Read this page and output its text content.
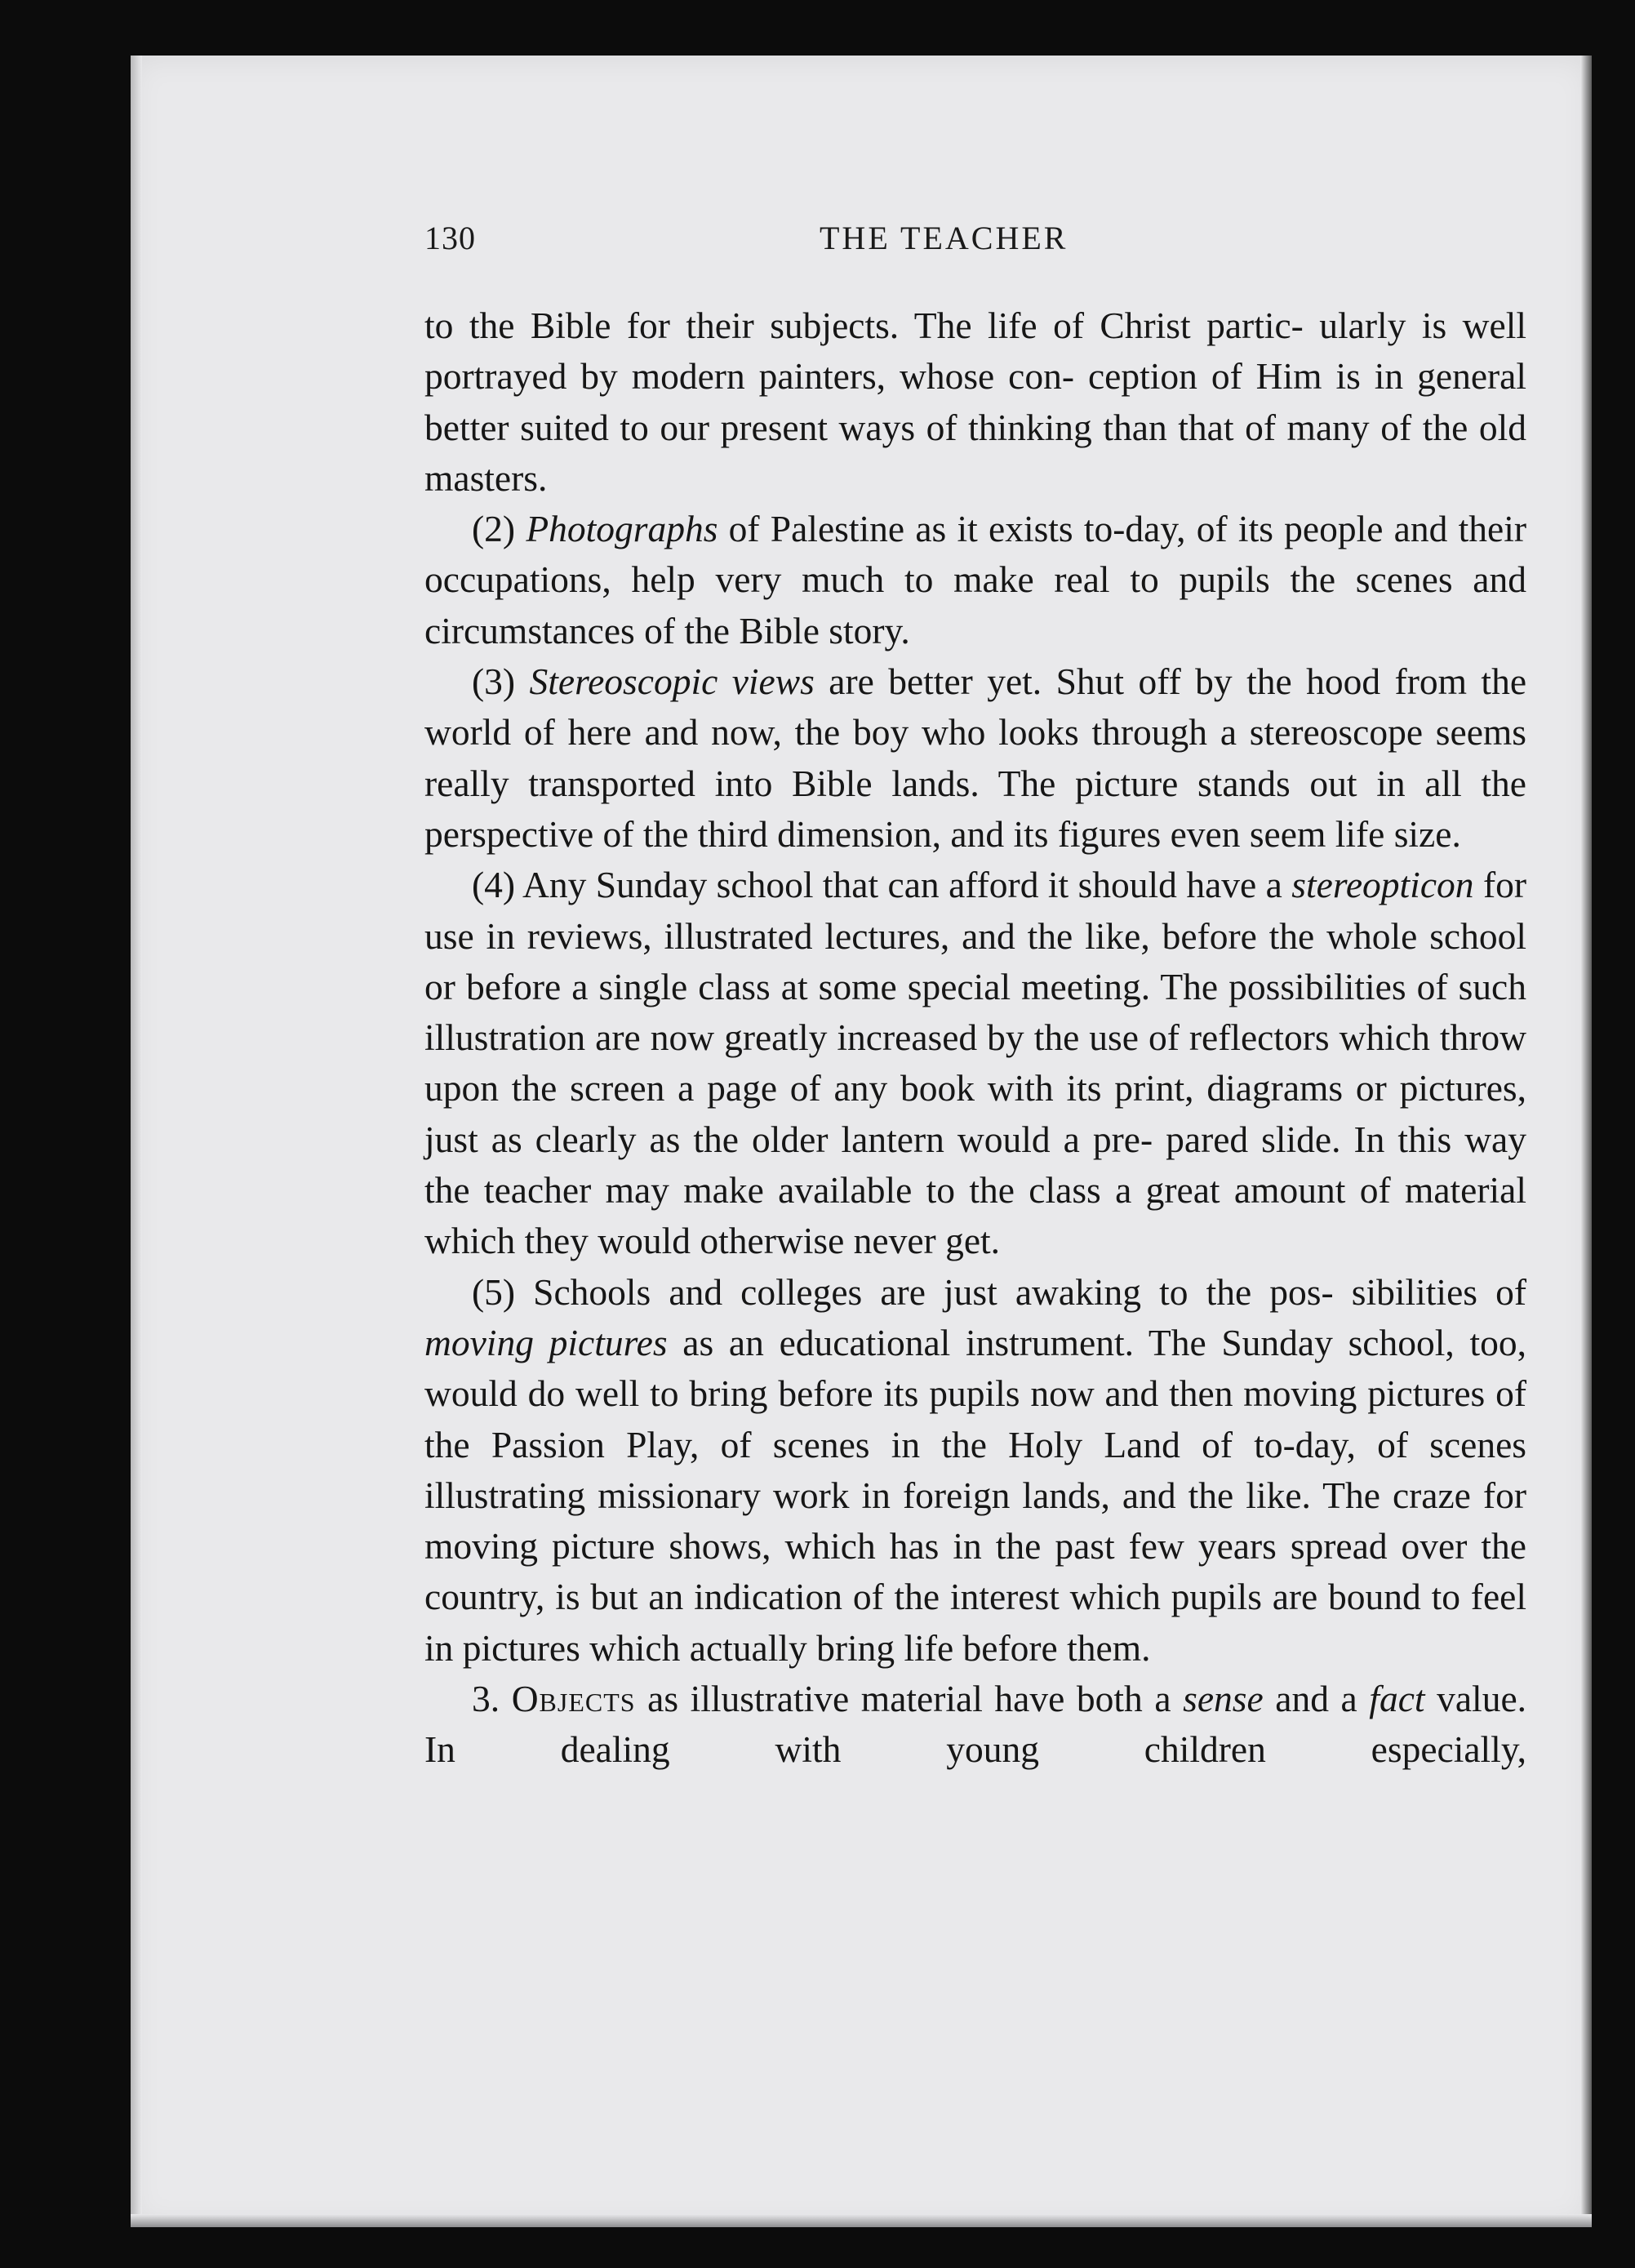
130	THE TEACHER

to the Bible for their subjects. The life of Christ partic- ularly is well portrayed by modern painters, whose con- ception of Him is in general better suited to our present ways of thinking than that of many of the old masters.

(2) Photographs of Palestine as it exists to-day, of its people and their occupations, help very much to make real to pupils the scenes and circumstances of the Bible story.

(3) Stereoscopic views are better yet. Shut off by the hood from the world of here and now, the boy who looks through a stereoscope seems really transported into Bible lands. The picture stands out in all the perspective of the third dimension, and its figures even seem life size.

(4) Any Sunday school that can afford it should have a stereopticon for use in reviews, illustrated lectures, and the like, before the whole school or before a single class at some special meeting. The possibilities of such illustration are now greatly increased by the use of reflectors which throw upon the screen a page of any book with its print, diagrams or pictures, just as clearly as the older lantern would a pre- pared slide. In this way the teacher may make available to the class a great amount of material which they would otherwise never get.

(5) Schools and colleges are just awaking to the pos- sibilities of moving pictures as an educational instrument. The Sunday school, too, would do well to bring before its pupils now and then moving pictures of the Passion Play, of scenes in the Holy Land of to-day, of scenes illustrating missionary work in foreign lands, and the like. The craze for moving picture shows, which has in the past few years spread over the country, is but an indication of the interest which pupils are bound to feel in pictures which actually bring life before them.

3. Objects as illustrative material have both a sense and a fact value. In dealing with young children especially,
